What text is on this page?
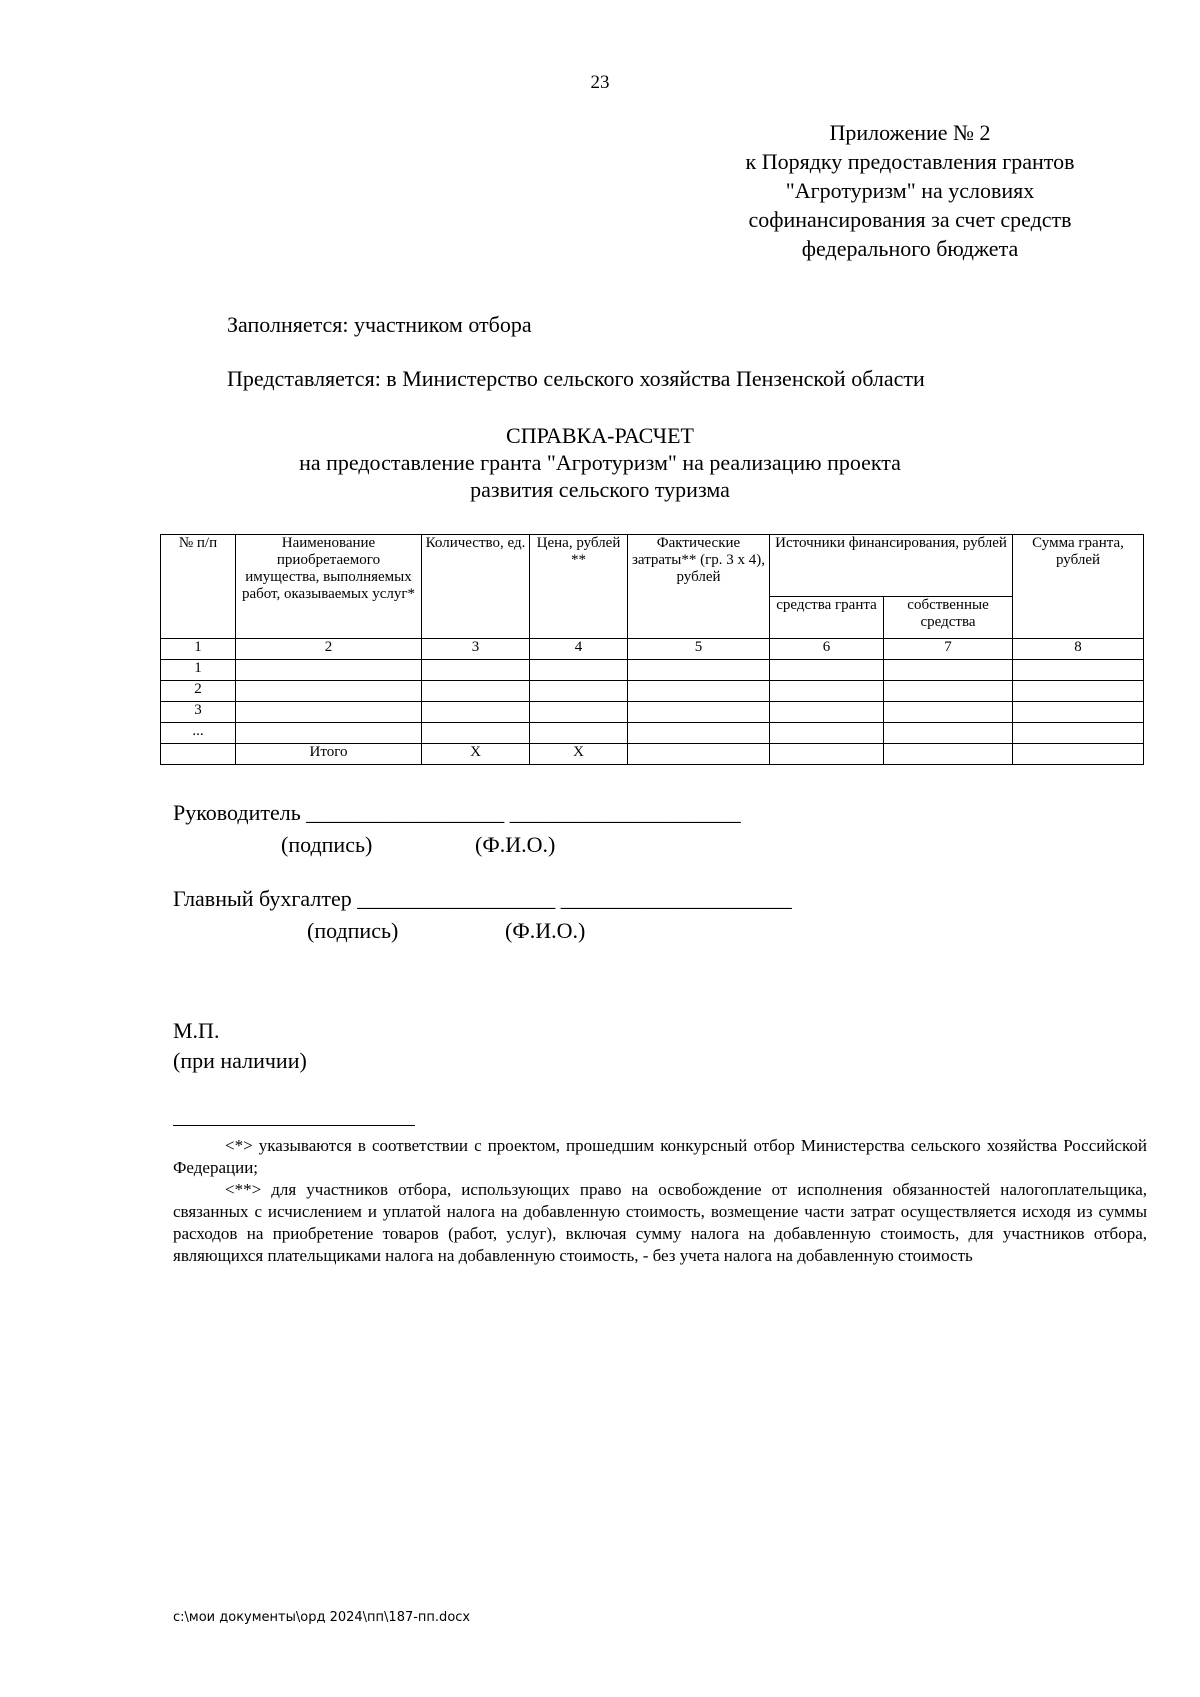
23
Приложение № 2
к Порядку предоставления грантов
"Агротуризм" на условиях
софинансирования за счет средств
федерального бюджета
Заполняется: участником отбора
Представляется: в Министерство сельского хозяйства Пензенской области
СПРАВКА-РАСЧЕТ
на предоставление гранта "Агротуризм" на реализацию проекта
развития сельского туризма
№ п/п	Наименование приобретаемого имущества, выполняемых работ, оказываемых услуг*	Количество, ед.	Цена, рублей **	Фактические затраты** (гр. 3 x 4), рублей	Источники финансирования, рублей		Сумма гранта, рублей
					средства гранта	собственные средства	
1	2	3	4	5	6	7	8
1							
2							
3							
...							
	Итого	Х	Х				
Руководитель __________________ _____________________
(подпись)	(Ф.И.О.)
Главный бухгалтер __________________ _____________________
(подпись)	(Ф.И.О.)
М.П.
(при наличии)

<*> указываются в соответствии с проектом, прошедшим конкурсный отбор Министерства сельского хозяйства Российской Федерации;

<**> для участников отбора, использующих право на освобождение от исполнения обязанностей налогоплательщика, связанных с исчислением и уплатой налога на добавленную стоимость, возмещение части затрат осуществляется исходя из суммы расходов на приобретение товаров (работ, услуг), включая сумму налога на добавленную стоимость, для участников отбора, являющихся плательщиками налога на добавленную стоимость, - без учета налога на добавленную стоимость

c:\мои документы\орд 2024\пп\187-пп.docx
